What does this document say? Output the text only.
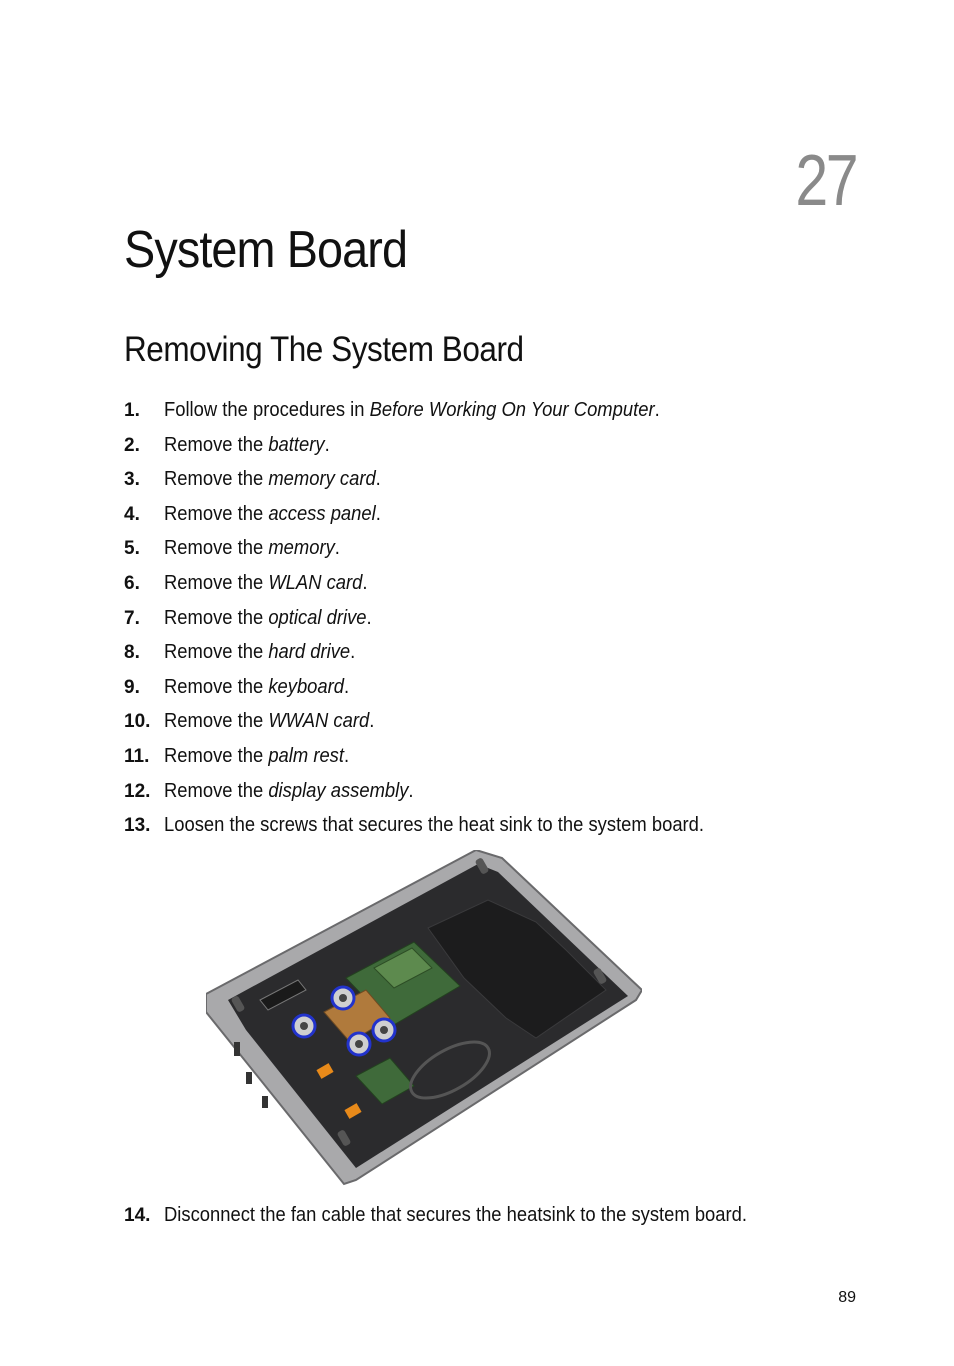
27
System Board
Removing The System Board
1.	Follow the procedures in Before Working On Your Computer.
2.	Remove the battery.
3.	Remove the memory card.
4.	Remove the access panel.
5.	Remove the memory.
6.	Remove the WLAN card.
7.	Remove the optical drive.
8.	Remove the hard drive.
9.	Remove the keyboard.
10. Remove the WWAN card.
11. Remove the palm rest.
12. Remove the display assembly.
13. Loosen the screws that secures the heat sink to the system board.
14. Disconnect the fan cable that secures the heatsink to the system board.
89
